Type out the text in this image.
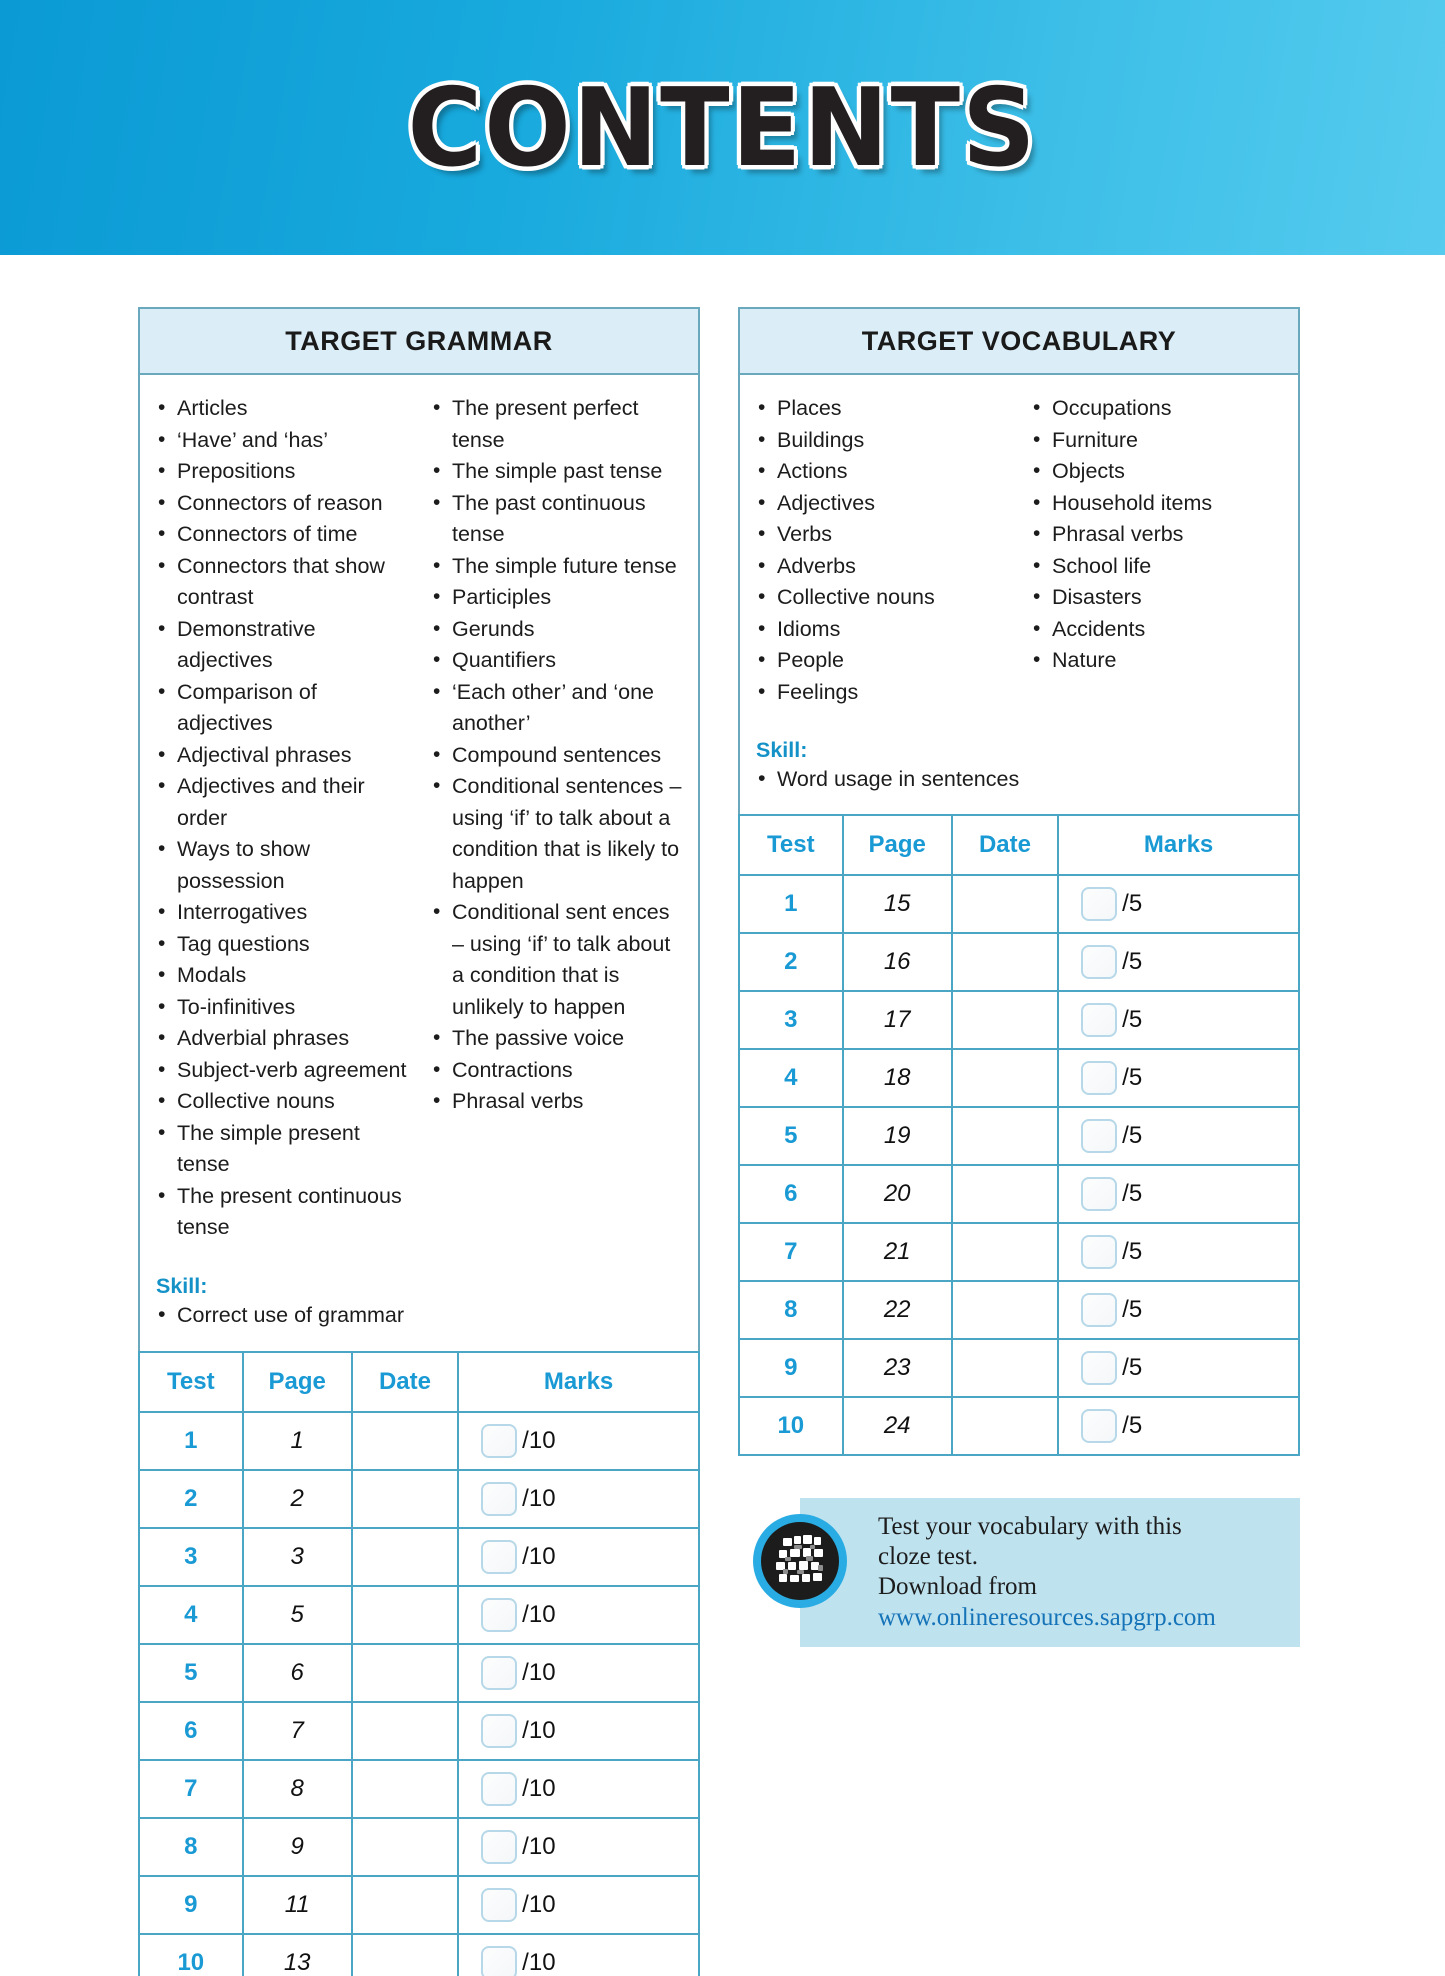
CONTENTS
TARGET GRAMMAR
• Articles
• ‘Have’ and ‘has’
• Prepositions
• Connectors of reason
• Connectors of time
• Connectors that show contrast
• Demonstrative adjectives
• Comparison of adjectives
• Adjectival phrases
• Adjectives and their order
• Ways to show possession
• Interrogatives
• Tag questions
• Modals
• To-infinitives
• Adverbial phrases
• Subject-verb agreement
• Collective nouns
• The simple present tense
• The present continuous tense
• The present perfect tense
• The simple past tense
• The past continuous tense
• The simple future tense
• Participles
• Gerunds
• Quantifiers
• ‘Each other’ and ‘one another’
• Compound sentences
• Conditional sentences – using ‘if’ to talk about a condition that is likely to happen
• Conditional sent ences – using ‘if’ to talk about a condition that is unlikely to happen
• The passive voice
• Contractions
• Phrasal verbs
Skill:
• Correct use of grammar
Test	Page	Date	Marks
1	1		/10

2	2		/10

3	3		/10

4	5		/10

5	6		/10

6	7		/10

7	8		/10

8	9		/10

9	11		/10

10	13		/10
TARGET VOCABULARY
• Places
• Buildings
• Actions
• Adjectives
• Verbs
• Adverbs
• Collective nouns
• Idioms
• People
• Feelings
• Occupations
• Furniture
• Objects
• Household items
• Phrasal verbs
• School life
• Disasters
• Accidents
• Nature
Skill:
• Word usage in sentences
Test	Page	Date	Marks
1	15		/5

2	16		/5

3	17		/5

4	18		/5

5	19		/5

6	20		/5

7	21		/5

8	22		/5

9	23		/5

10	24		/5
Test your vocabulary with this
cloze test.
Download from
www.onlineresources.sapgrp.com
